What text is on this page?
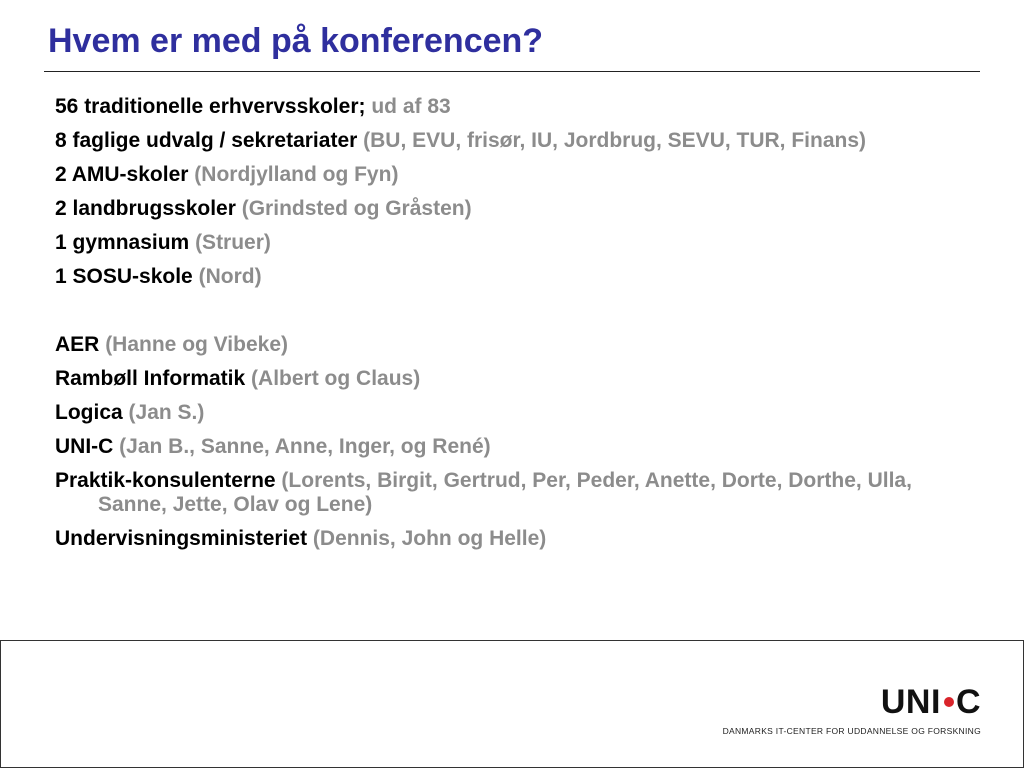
Hvem er med på konferencen?
56 traditionelle erhvervsskoler; ud af 83
8 faglige udvalg / sekretariater (BU, EVU, frisør, IU, Jordbrug, SEVU, TUR, Finans)
2 AMU-skoler (Nordjylland og Fyn)
2 landbrugsskoler (Grindsted og Gråsten)
1 gymnasium (Struer)
1 SOSU-skole (Nord)
AER (Hanne og Vibeke)
Rambøll Informatik (Albert og Claus)
Logica (Jan S.)
UNI-C (Jan B., Sanne, Anne, Inger, og René)
Praktik-konsulenterne (Lorents, Birgit, Gertrud, Per, Peder, Anette, Dorte, Dorthe, Ulla, Sanne, Jette, Olav og Lene)
Undervisningsministeriet (Dennis, John og Helle)
UNI C
DANMARKS IT-CENTER FOR UDDANNELSE OG FORSKNING
